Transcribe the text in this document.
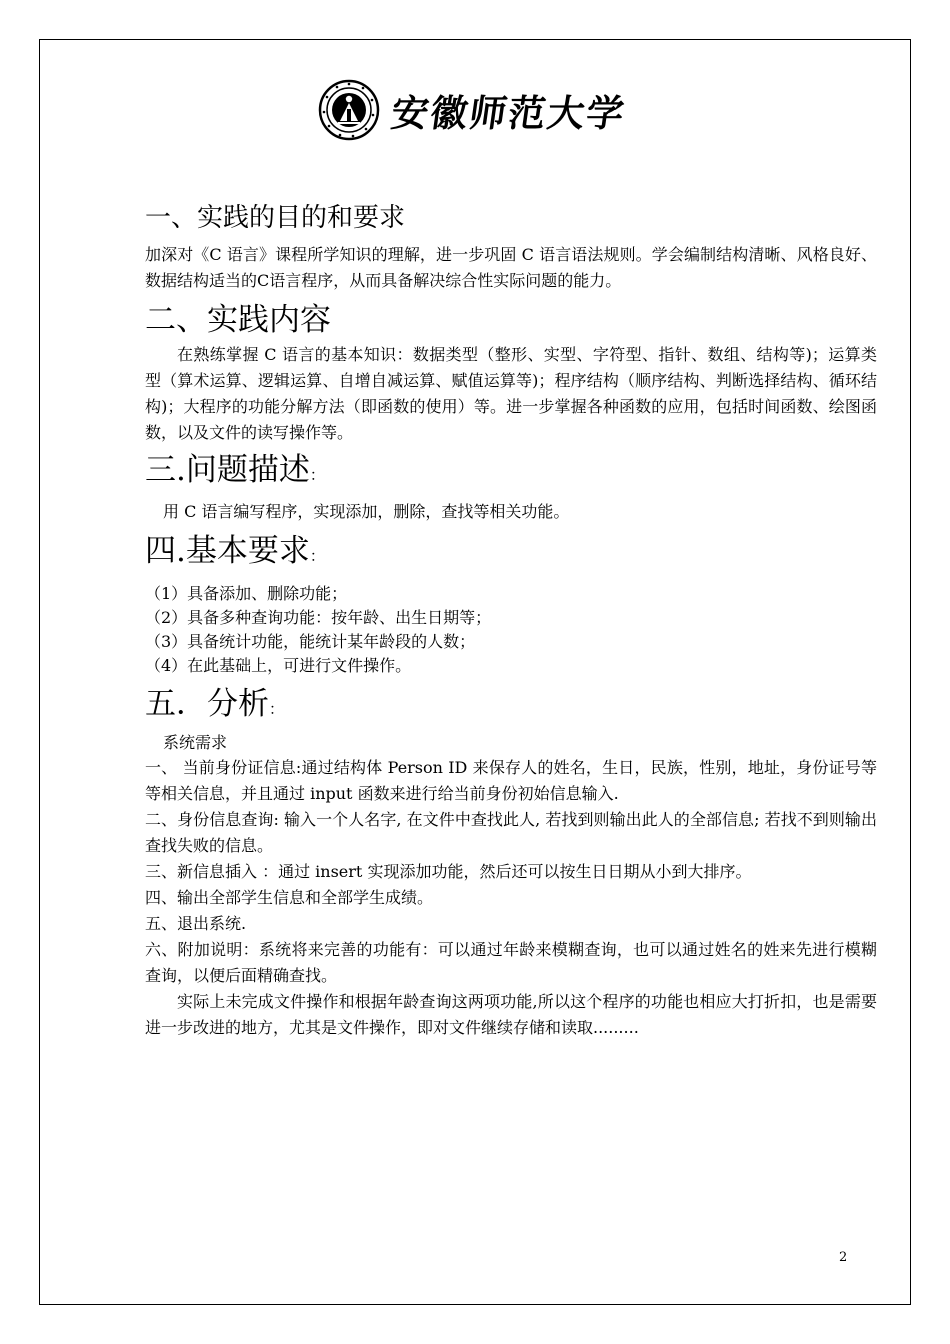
安徽师范大学
一、实践的目的和要求

加深对《C 语言》课程所学知识的理解，进一步巩固 C 语言语法规则。学会编制结构清晰、风格良好、数据结构适当的C语言程序，从而具备解决综合性实际问题的能力。

二、实践内容

在熟练掌握 C 语言的基本知识：数据类型（整形、实型、字符型、指针、数组、结构等)；运算类型（算术运算、逻辑运算、自增自减运算、赋值运算等)；程序结构（顺序结构、判断选择结构、循环结构)；大程序的功能分解方法（即函数的使用）等。进一步掌握各种函数的应用，包括时间函数、绘图函数，以及文件的读写操作等。

三.问题描述：

用 C 语言编写程序，实现添加，删除，查找等相关功能。

四.基本要求：

（1）具备添加、删除功能；

（2）具备多种查询功能：按年龄、出生日期等；

（3）具备统计功能，能统计某年龄段的人数；

（4）在此基础上，可进行文件操作。

五．分析：

系统需求

一、 当前身份证信息:通过结构体 Person ID 来保存人的姓名，生日，民族，性别，地址，身份证号等等相关信息，并且通过 input 函数来进行给当前身份初始信息输入.

二、身份信息查询: 输入一个人名字, 在文件中查找此人, 若找到则输出此人的全部信息; 若找不到则输出查找失败的信息。

三、新信息插入 ：通过 insert 实现添加功能，然后还可以按生日日期从小到大排序。

四、输出全部学生信息和全部学生成绩。

五、退出系统.

六、附加说明：系统将来完善的功能有：可以通过年龄来模糊查询，也可以通过姓名的姓来先进行模糊查询，以便后面精确查找。

实际上未完成文件操作和根据年龄查询这两项功能,所以这个程序的功能也相应大打折扣，也是需要进一步改进的地方，尤其是文件操作，即对文件继续存储和读取.........

2
